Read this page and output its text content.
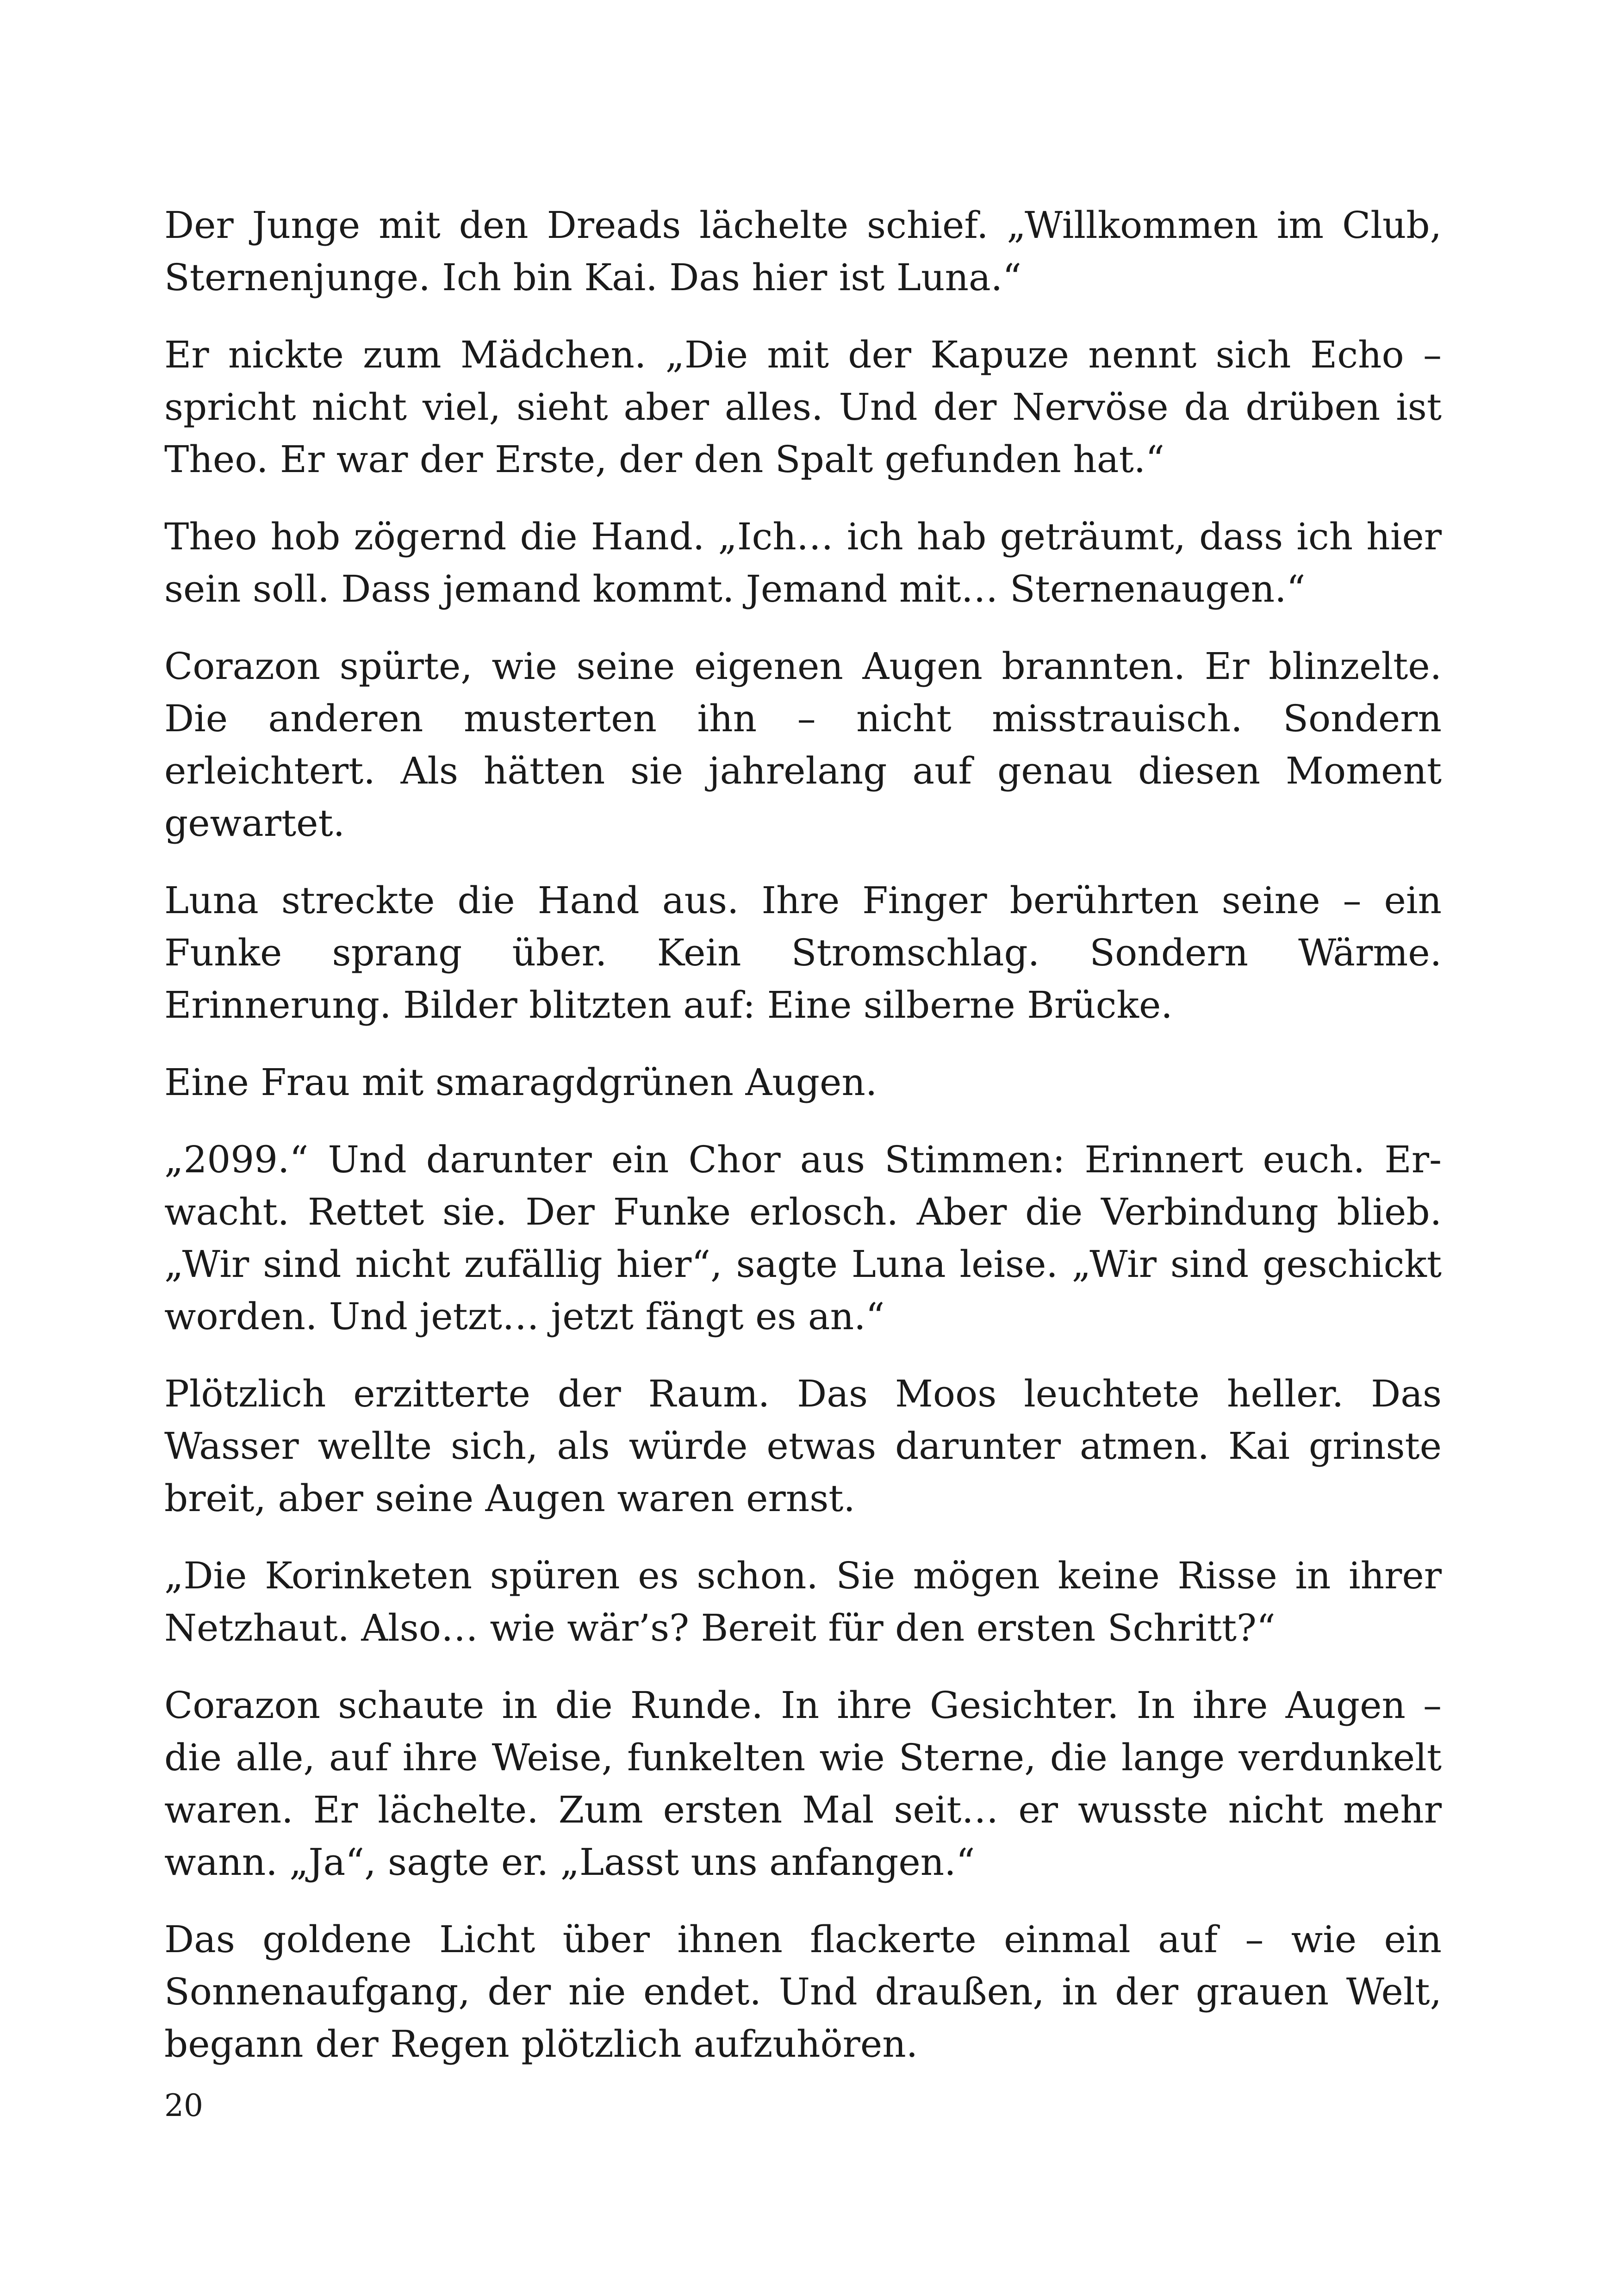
Der Junge mit den Dreads lächelte schief. „Willkommen im Club, Sternenjunge. Ich bin Kai. Das hier ist Luna.“

Er nickte zum Mädchen. „Die mit der Kapuze nennt sich Echo – spricht nicht viel, sieht aber alles. Und der Nervöse da drüben ist Theo. Er war der Erste, der den Spalt gefunden hat.“

Theo hob zögernd die Hand. „Ich… ich hab geträumt, dass ich hier sein soll. Dass jemand kommt. Jemand mit… Sternenaugen.“

Corazon spürte, wie seine eigenen Augen brannten. Er blinzelte. Die anderen musterten ihn – nicht misstrauisch. Sondern erleichtert. Als hätten sie jahrelang auf genau diesen Moment gewartet.

Luna streckte die Hand aus. Ihre Finger berührten seine – ein Funke sprang über. Kein Stromschlag. Sondern Wärme. Erinnerung. Bilder blitzten auf: Eine silberne Brücke.

Eine Frau mit smaragdgrünen Augen.

„2099.“ Und darunter ein Chor aus Stimmen: Erinnert euch. Erwacht. Rettet sie. Der Funke erlosch. Aber die Verbindung blieb. „Wir sind nicht zufällig hier“, sagte Luna leise. „Wir sind geschickt worden. Und jetzt… jetzt fängt es an.“

Plötzlich erzitterte der Raum. Das Moos leuchtete heller. Das Wasser wellte sich, als würde etwas darunter atmen. Kai grinste breit, aber seine Augen waren ernst.

„Die Korinketen spüren es schon. Sie mögen keine Risse in ihrer Netzhaut. Also… wie wär’s? Bereit für den ersten Schritt?“

Corazon schaute in die Runde. In ihre Gesichter. In ihre Augen – die alle, auf ihre Weise, funkelten wie Sterne, die lange verdunkelt waren. Er lächelte. Zum ersten Mal seit… er wusste nicht mehr wann. „Ja“, sagte er. „Lasst uns anfangen.“

Das goldene Licht über ihnen flackerte einmal auf – wie ein Sonnenaufgang, der nie endet. Und draußen, in der grauen Welt, begann der Regen plötzlich aufzuhören.

20
